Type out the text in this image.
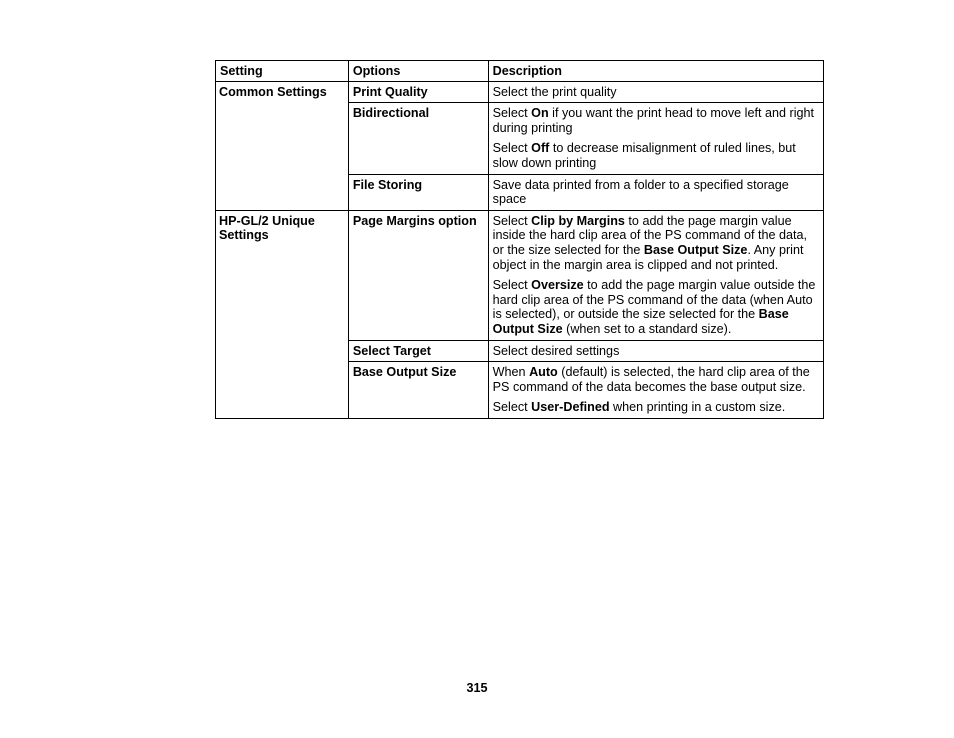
Setting	Options	Description
Common Settings	Print Quality	Select the print quality

	Bidirectional	Select On if you want the print head to move left and right during printing

Select Off to decrease misalignment of ruled lines, but slow down printing

	File Storing	Save data printed from a folder to a specified storage space

HP-GL/2 Unique Settings	Page Margins option	Select Clip by Margins to add the page margin value inside the hard clip area of the PS command of the data, or the size selected for the Base Output Size. Any print object in the margin area is clipped and not printed.

Select Oversize to add the page margin value outside the hard clip area of the PS command of the data (when Auto is selected), or outside the size selected for the Base Output Size (when set to a standard size).

	Select Target	Select desired settings

	Base Output Size	When Auto (default) is selected, the hard clip area of the PS command of the data becomes the base output size.

Select User-Defined when printing in a custom size.

315
